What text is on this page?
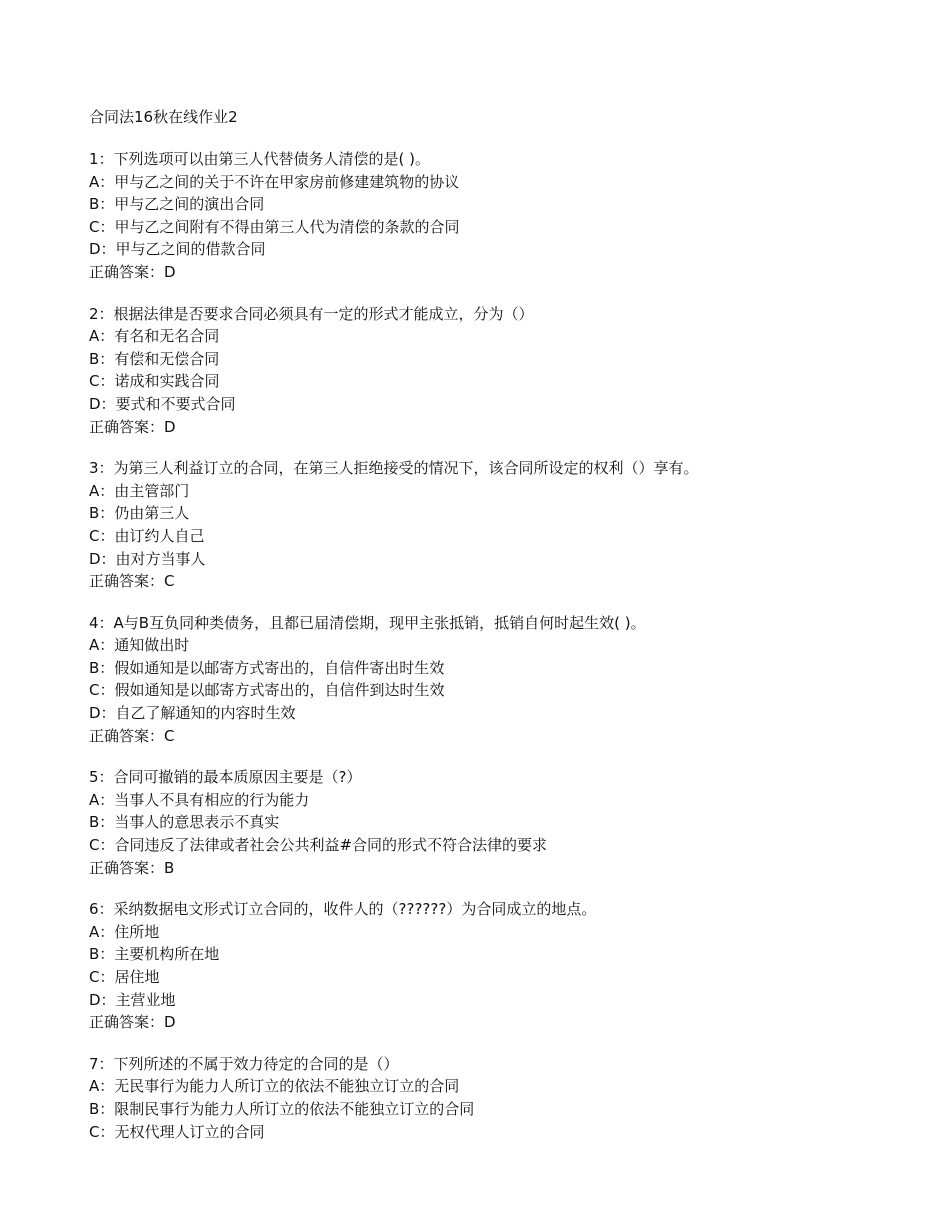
合同法16秋在线作业2
1：下列选项可以由第三人代替债务人清偿的是( )。
A：甲与乙之间的关于不许在甲家房前修建建筑物的协议
B：甲与乙之间的演出合同
C：甲与乙之间附有不得由第三人代为清偿的条款的合同
D：甲与乙之间的借款合同
正确答案：D
2：根据法律是否要求合同必须具有一定的形式才能成立，分为（）
A：有名和无名合同
B：有偿和无偿合同
C：诺成和实践合同
D：要式和不要式合同
正确答案：D
3：为第三人利益订立的合同，在第三人拒绝接受的情况下，该合同所设定的权利（）享有。
A：由主管部门
B：仍由第三人
C：由订约人自己
D：由对方当事人
正确答案：C
4：A与B互负同种类债务，且都已届清偿期，现甲主张抵销，抵销自何时起生效( )。
A：通知做出时
B：假如通知是以邮寄方式寄出的，自信件寄出时生效
C：假如通知是以邮寄方式寄出的，自信件到达时生效
D：自乙了解通知的内容时生效
正确答案：C
5：合同可撤销的最本质原因主要是（?）
A：当事人不具有相应的行为能力
B：当事人的意思表示不真实
C：合同违反了法律或者社会公共利益#合同的形式不符合法律的要求
正确答案：B
6：采纳数据电文形式订立合同的，收件人的（??????）为合同成立的地点。
A：住所地
B：主要机构所在地
C：居住地
D：主营业地
正确答案：D
7：下列所述的不属于效力待定的合同的是（）
A：无民事行为能力人所订立的依法不能独立订立的合同
B：限制民事行为能力人所订立的依法不能独立订立的合同
C：无权代理人订立的合同
